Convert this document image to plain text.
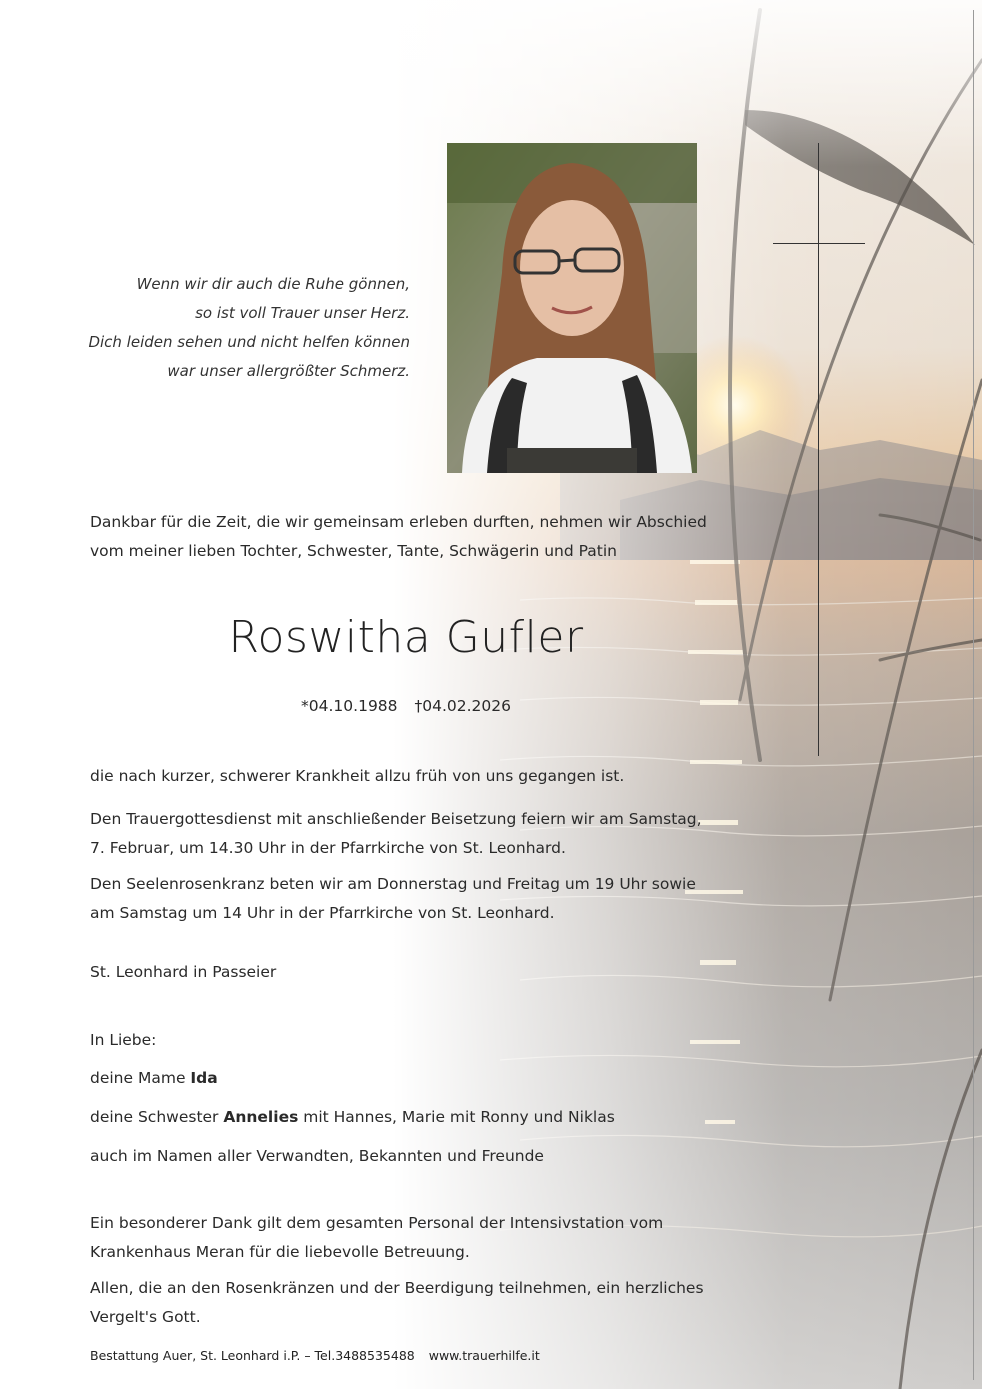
Wenn wir dir auch die Ruhe gönnen,
so ist voll Trauer unser Herz.
Dich leiden sehen und nicht helfen können
war unser allergrößter Schmerz.
Dankbar für die Zeit, die wir gemeinsam erleben durften, nehmen wir Abschied
vom meiner lieben Tochter, Schwester, Tante, Schwägerin und Patin
Roswitha Gufler
*04.10.1988 †04.02.2026
die nach kurzer, schwerer Krankheit allzu früh von uns gegangen ist.
Den Trauergottesdienst mit anschließender Beisetzung feiern wir am Samstag,
7. Februar, um 14.30 Uhr in der Pfarrkirche von St. Leonhard.
Den Seelenrosenkranz beten wir am Donnerstag und Freitag um 19 Uhr sowie
am Samstag um 14 Uhr in der Pfarrkirche von St. Leonhard.
St. Leonhard in Passeier
In Liebe:
deine Mame Ida
deine Schwester Annelies mit Hannes, Marie mit Ronny und Niklas
auch im Namen aller Verwandten, Bekannten und Freunde
Ein besonderer Dank gilt dem gesamten Personal der Intensivstation vom
Krankenhaus Meran für die liebevolle Betreuung.
Allen, die an den Rosenkränzen und der Beerdigung teilnehmen, ein herzliches
Vergelt's Gott.
Bestattung Auer, St. Leonhard i.P. – Tel.3488535488 www.trauerhilfe.it
